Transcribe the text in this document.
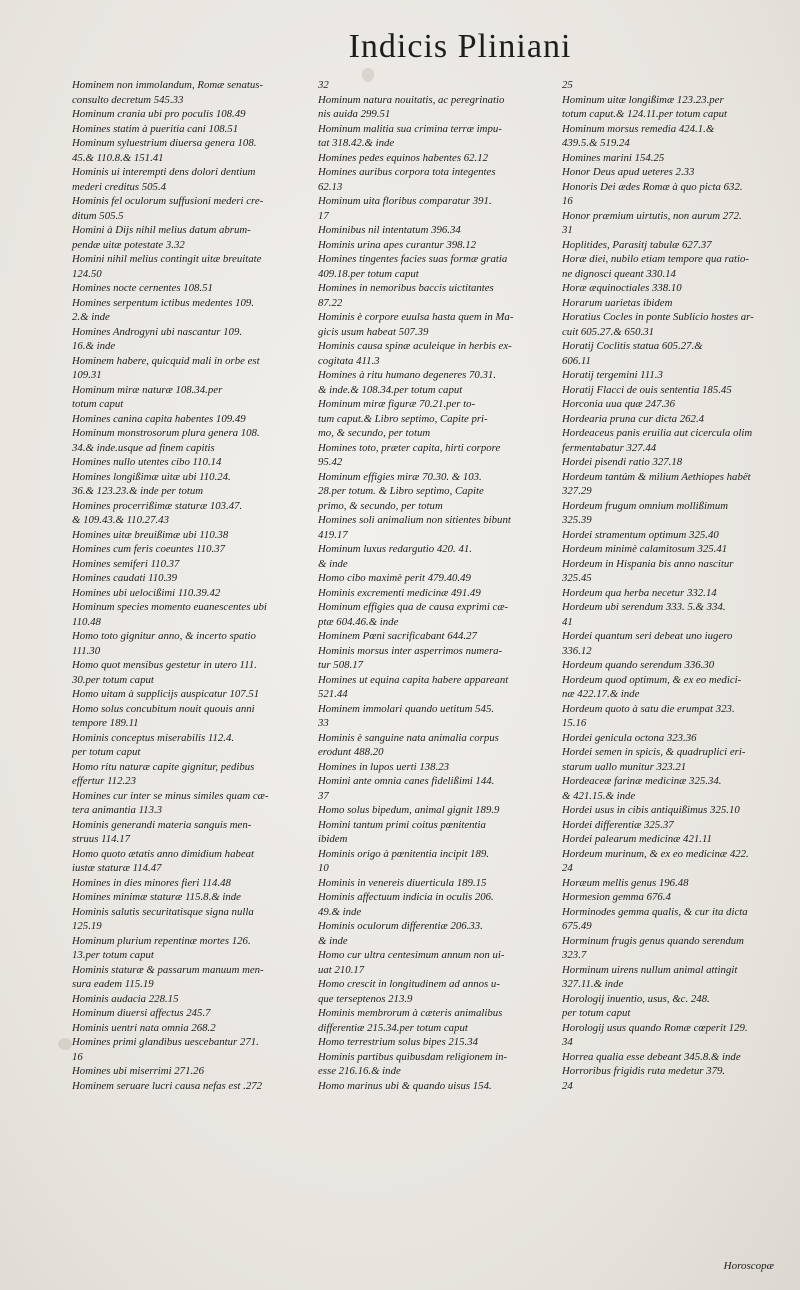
Indicis Pliniani

Hominem non immolandum, Romæ senatus-
consulto decretum 545.33

Hominum crania ubi pro poculis 108.49

Homines statim à pueritia cani 108.51

Hominum syluestrium diuersa genera 108.
45.& 110.8.& 151.41

Hominis ui interempti dens dolori dentium
mederi creditus 505.4

Hominis fel oculorum suffusioni mederi cre-
ditum 505.5

Homini à Dijs nihil melius datum abrum-
pendæ uitæ potestate 3.32

Homini nihil melius contingit uitæ breuitate
124.50

Homines nocte cernentes 108.51

Homines serpentum ictibus medentes 109.
2.& inde

Homines Androgyni ubi nascantur 109.
16.& inde

Hominem habere, quicquid mali in orbe est
109.31

Hominum miræ naturæ 108.34.per
totum caput

Homines canina capita habentes 109.49

Hominum monstrosorum plura genera 108.
34.& inde.usque ad finem capitis

Homines nullo utentes cibo 110.14

Homines longißimæ uitæ ubi 110.24.
36.& 123.23.& inde per totum

Homines procerrißimæ staturæ 103.47.
& 109.43.& 110.27.43

Homines uitæ breuißimæ ubi 110.38

Homines cum feris coeuntes 110.37

Homines semiferi 110.37

Homines caudati 110.39

Homines ubi uelocißimi 110.39.42

Hominum species momento euanescentes ubi
110.48

Homo toto gignitur anno, & incerto spatio
111.30

Homo quot mensibus gestetur in utero 111.
30.per totum caput

Homo uitam à supplicijs auspicatur 107.51

Homo solus concubitum nouit quouis anni
tempore 189.11

Hominis conceptus miserabilis 112.4.
per totum caput

Homo ritu naturæ capite gignitur, pedibus
effertur 112.23

Homines cur inter se minus similes quam cæ-
tera animantia 113.3

Hominis generandi materia sanguis men-
struus 114.17

Homo quoto ætatis anno dimidium habeat
iustæ staturæ 114.47

Homines in dies minores fieri 114.48

Homines minimæ staturæ 115.8.& inde

Hominis salutis securitatisque signa nulla
125.19

Hominum plurium repentinæ mortes 126.
13.per totum caput

Hominis staturæ & passarum manuum men-
sura eadem 115.19

Hominis audacia 228.15

Hominum diuersi affectus 245.7

Hominis uentri nata omnia 268.2

Homines primi glandibus uescebantur 271.
16

Homines ubi miserrimi 271.26

Hominem seruare lucri causa nefas est .272

32

Hominum natura nouitatis, ac peregrinatio
nis auida 299.51

Hominum malitia sua crimina terræ impu-
tat 318.42.& inde

Homines pedes equinos habentes 62.12

Homines auribus corpora tota integentes
62.13

Hominum uita floribus comparatur 391.
17

Hominibus nil intentatum 396.34

Hominis urina apes curantur 398.12

Homines tingentes facies suas formæ gratia
409.18.per totum caput

Homines in nemoribus baccis uictitantes
87.22

Hominis è corpore euulsa hasta quem in Ma-
gicis usum habeat 507.39

Hominis causa spinæ aculeique in herbis ex-
cogitata 411.3

Homines à ritu humano degeneres 70.31.
& inde.& 108.34.per totum caput

Hominum miræ figuræ 70.21.per to-
tum caput.& Libro septimo, Capite pri-
mo, & secundo, per totum

Homines toto, præter capita, hirti corpore
95.42

Hominum effigies miræ 70.30. & 103.
28.per totum. & Libro septimo, Capite
primo, & secundo, per totum

Homines soli animalium non sitientes bibunt
419.17

Hominum luxus redargutio 420. 41.
& inde

Homo cibo maximè perit 479.40.49

Hominis excrementi medicinæ 491.49

Hominum effigies qua de causa exprimi cæ-
ptæ 604.46.& inde

Hominem Pœni sacrificabant 644.27

Hominis morsus inter asperrimos numera-
tur 508.17

Homines ut equina capita habere appareant
521.44

Hominem immolari quando uetitum 545.
33

Hominis è sanguine nata animalia corpus
erodunt 488.20

Homines in lupos uerti 138.23

Homini ante omnia canes fidelißimi 144.
37

Homo solus bipedum, animal gignit 189.9

Homini tantum primi coitus pœnitentia
ibidem

Hominis origo à pœnitentia incipit 189.
10

Hominis in venereis diuerticula 189.15

Hominis affectuum indicia in oculis 206.
49.& inde

Hominis oculorum differentiæ 206.33.
& inde

Homo cur ultra centesimum annum non ui-
uat 210.17

Homo crescit in longitudinem ad annos u-
que terseptenos 213.9

Hominis membrorum à cæteris animalibus
differentiæ 215.34.per totum caput

Homo terrestrium solus bipes 215.34

Hominis partibus quibusdam religionem in-
esse 216.16.& inde

Homo marinus ubi & quando uisus 154.

25

Hominum uitæ longißimæ 123.23.per
totum caput.& 124.11.per totum caput

Hominum morsus remedia 424.1.&
439.5.& 519.24

Homines marini 154.25

Honor Deus apud ueteres 2.33

Honoris Dei ædes Romæ à quo picta 632.
16

Honor præmium uirtutis, non aurum 272.
31

Hoplitides, Parasitj tabulæ 627.37

Horæ diei, nubilo etiam tempore qua ratio-
ne dignosci queant 330.14

Horæ æquinoctiales 338.10

Horarum uarietas ibidem

Horatius Cocles in ponte Sublicio hostes ar-
cuit 605.27.& 650.31

Horatij Coclitis statua 605.27.&
606.11

Horatij tergemini 111.3

Horatij Flacci de ouis sententia 185.45

Horconia uua quæ 247.36

Hordearia pruna cur dicta 262.4

Hordeaceus panis eruilia aut cicercula olim
fermentabatur 327.44

Hordei pisendi ratio 327.18

Hordeum tantúm & milium Aethiopes habët
327.29

Hordeum frugum omnium mollißimum
325.39

Hordei stramentum optimum 325.40

Hordeum minimè calamitosum 325.41

Hordeum in Hispania bis anno nascitur
325.45

Hordeum qua herba necetur 332.14

Hordeum ubi serendum 333. 5.& 334.
41

Hordei quantum seri debeat uno iugero
336.12

Hordeum quando serendum 336.30

Hordeum quod optimum, & ex eo medici-
næ 422.17.& inde

Hordeum quoto à satu die erumpat 323.
15.16

Hordei genicula octona 323.36

Hordei semen in spicis, & quadruplici eri-
starum uallo munitur 323.21

Hordeaceæ farinæ medicinæ 325.34.
& 421.15.& inde

Hordei usus in cibis antiquißimus 325.10

Hordei differentiæ 325.37

Hordei palearum medicinæ 421.11

Hordeum murinum, & ex eo medicinæ 422.
24

Horæum mellis genus 196.48

Hormesion gemma 676.4

Horminodes gemma qualis, & cur ita dicta
675.49

Horminum frugis genus quando serendum
323.7

Horminum uirens nullum animal attingit
327.11.& inde

Horologij inuentio, usus, &c. 248.
per totum caput

Horologij usus quando Romæ cœperit 129.
34

Horrea qualia esse debeant 345.8.& inde

Horroribus frigidis ruta medetur 379.
24

Horoscopæ
